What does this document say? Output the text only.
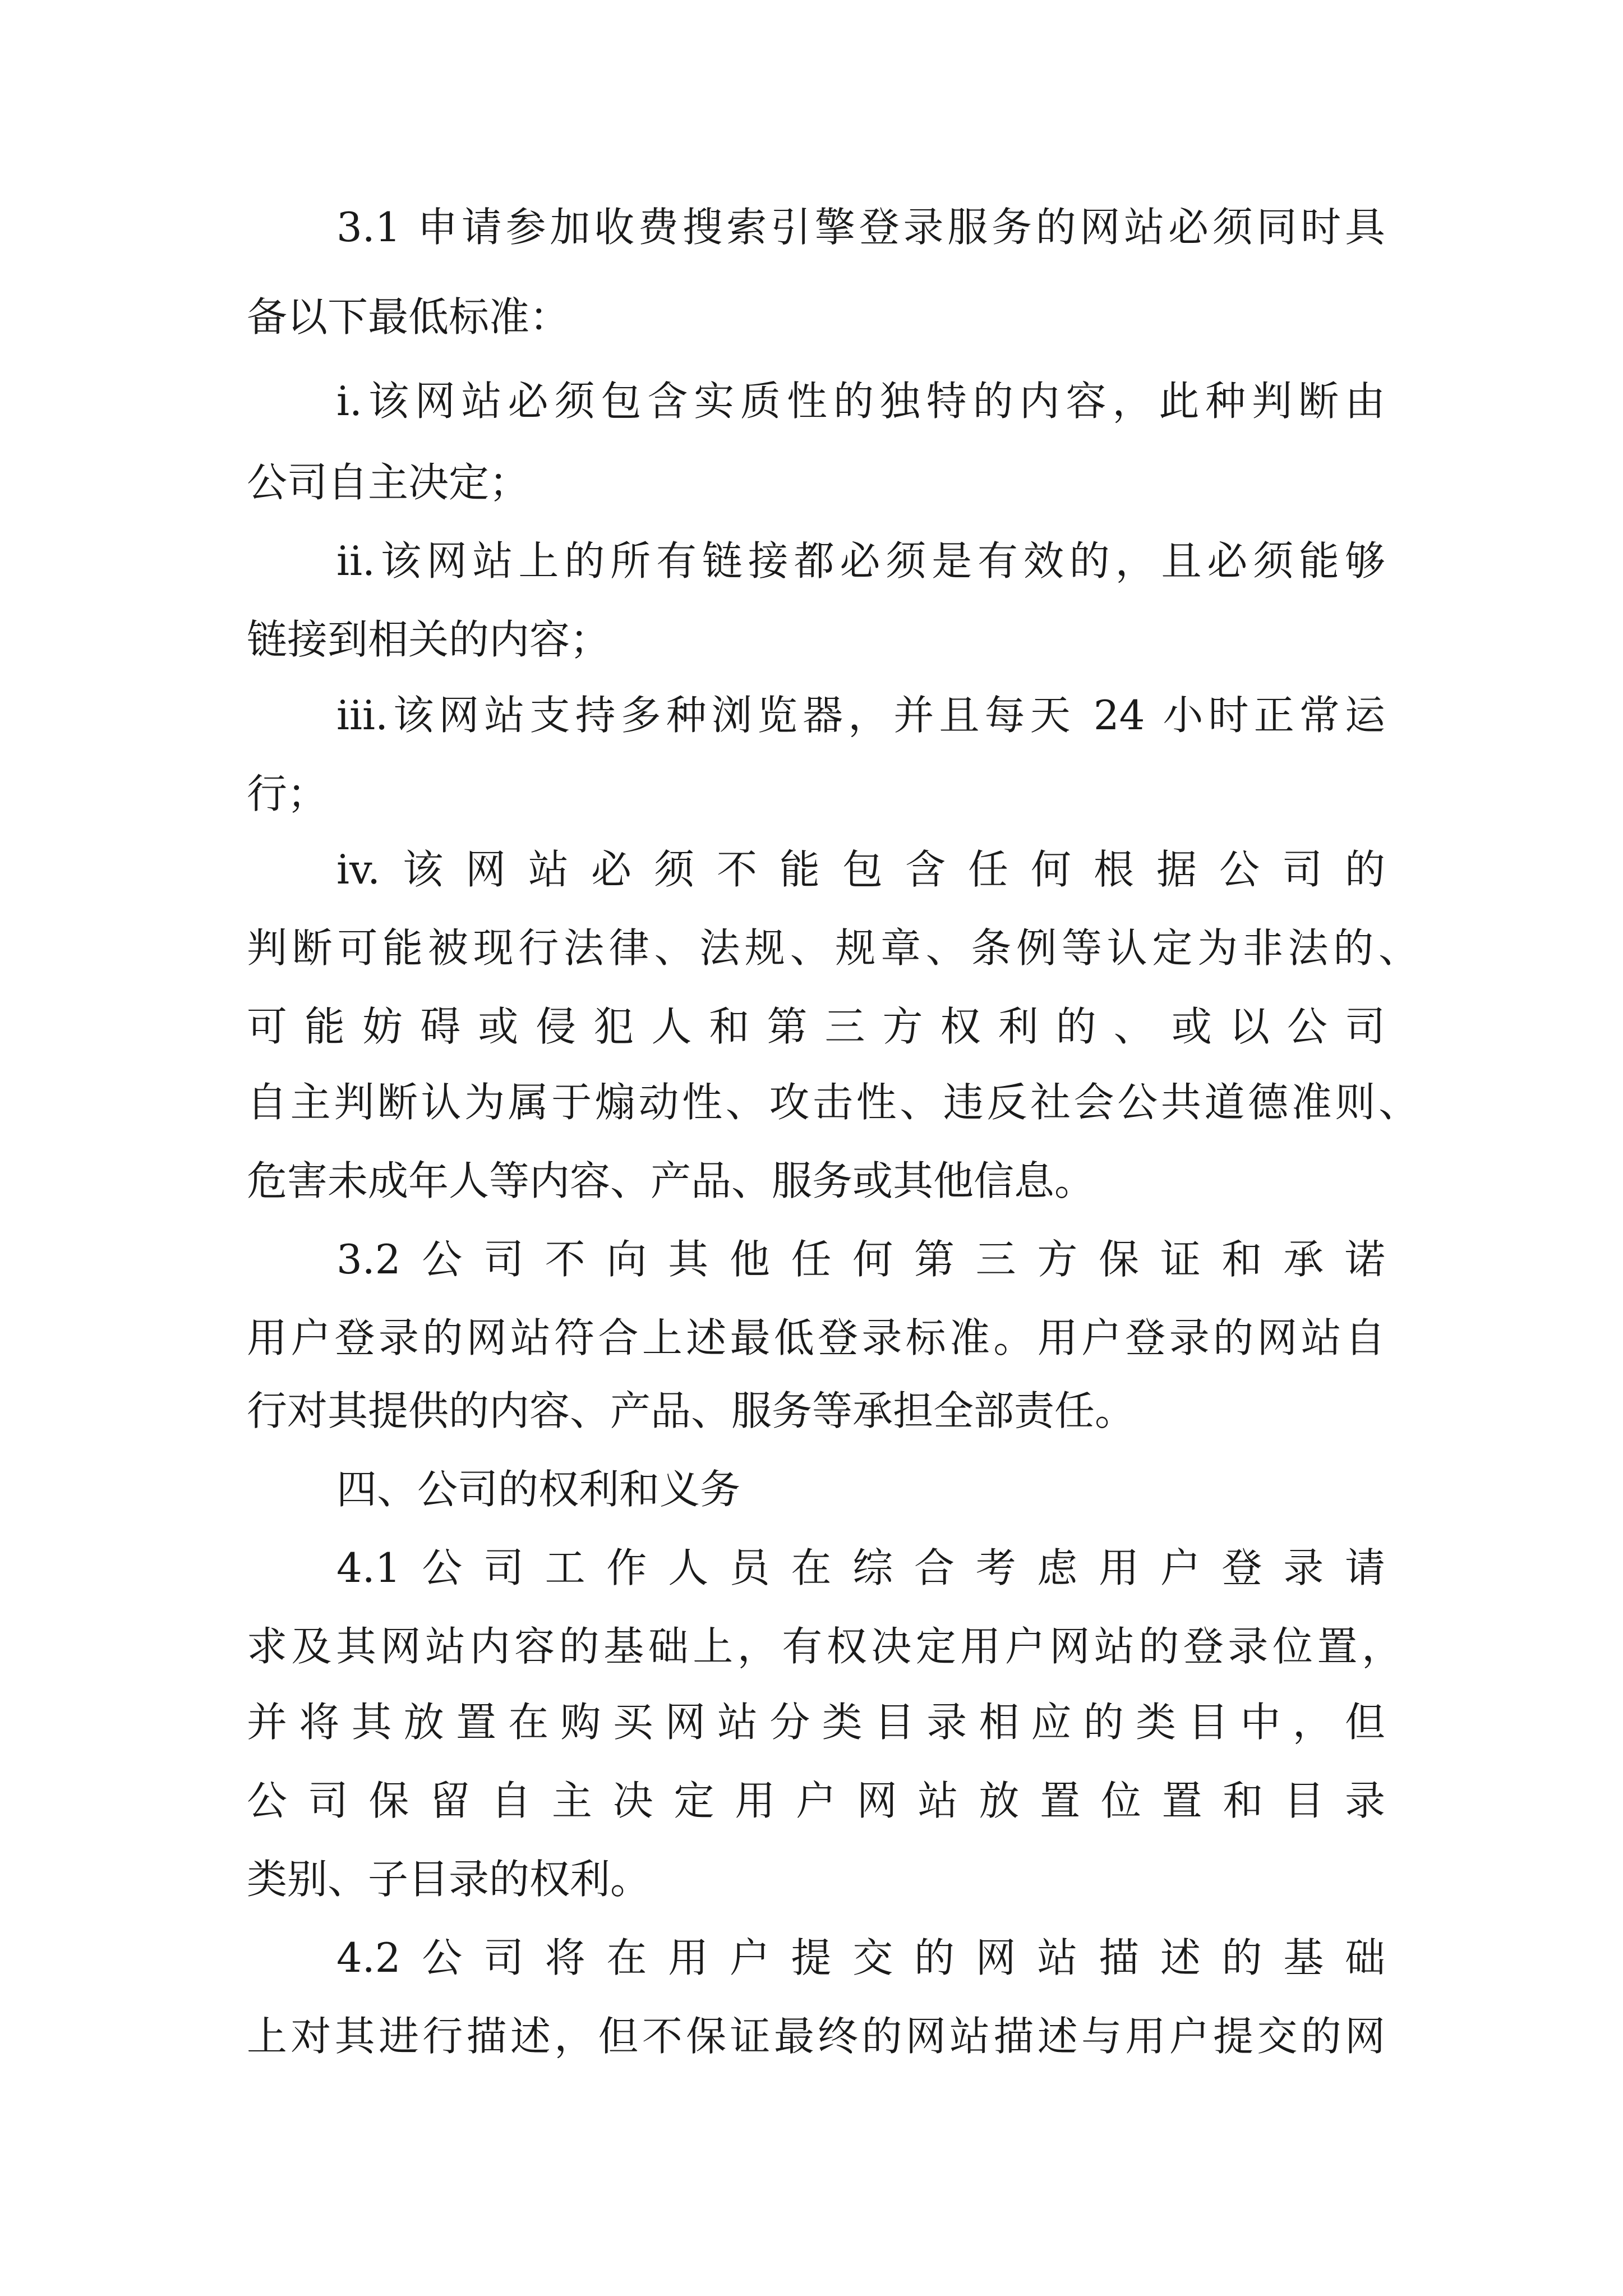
3.1 申请参加收费搜索引擎登录服务的网站必须同时具
备以下最低标准：
i.该网站必须包含实质性的独特的内容，此种判断由
公司自主决定；
ii.该网站上的所有链接都必须是有效的，且必须能够
链接到相关的内容；
iii.该网站支持多种浏览器，并且每天 24 小时正常运
行；
iv.该网站必须不能包含任何根据公司的
判断可能被现行法律、法规、规章、条例等认定为非法的、
可能妨碍或侵犯人和第三方权利的、或以公司
自主判断认为属于煽动性、攻击性、违反社会公共道德准则、
危害未成年人等内容、产品、服务或其他信息。
3.2公司不向其他任何第三方保证和承诺
用户登录的网站符合上述最低登录标准。用户登录的网站自
行对其提供的内容、产品、服务等承担全部责任。
四、公司的权利和义务
4.1公司工作人员在综合考虑用户登录请
求及其网站内容的基础上，有权决定用户网站的登录位置，
并将其放置在购买网站分类目录相应的类目中，但
公司保留自主决定用户网站放置位置和目录
类别、子目录的权利。
4.2公司将在用户提交的网站描述的基础
上对其进行描述，但不保证最终的网站描述与用户提交的网
